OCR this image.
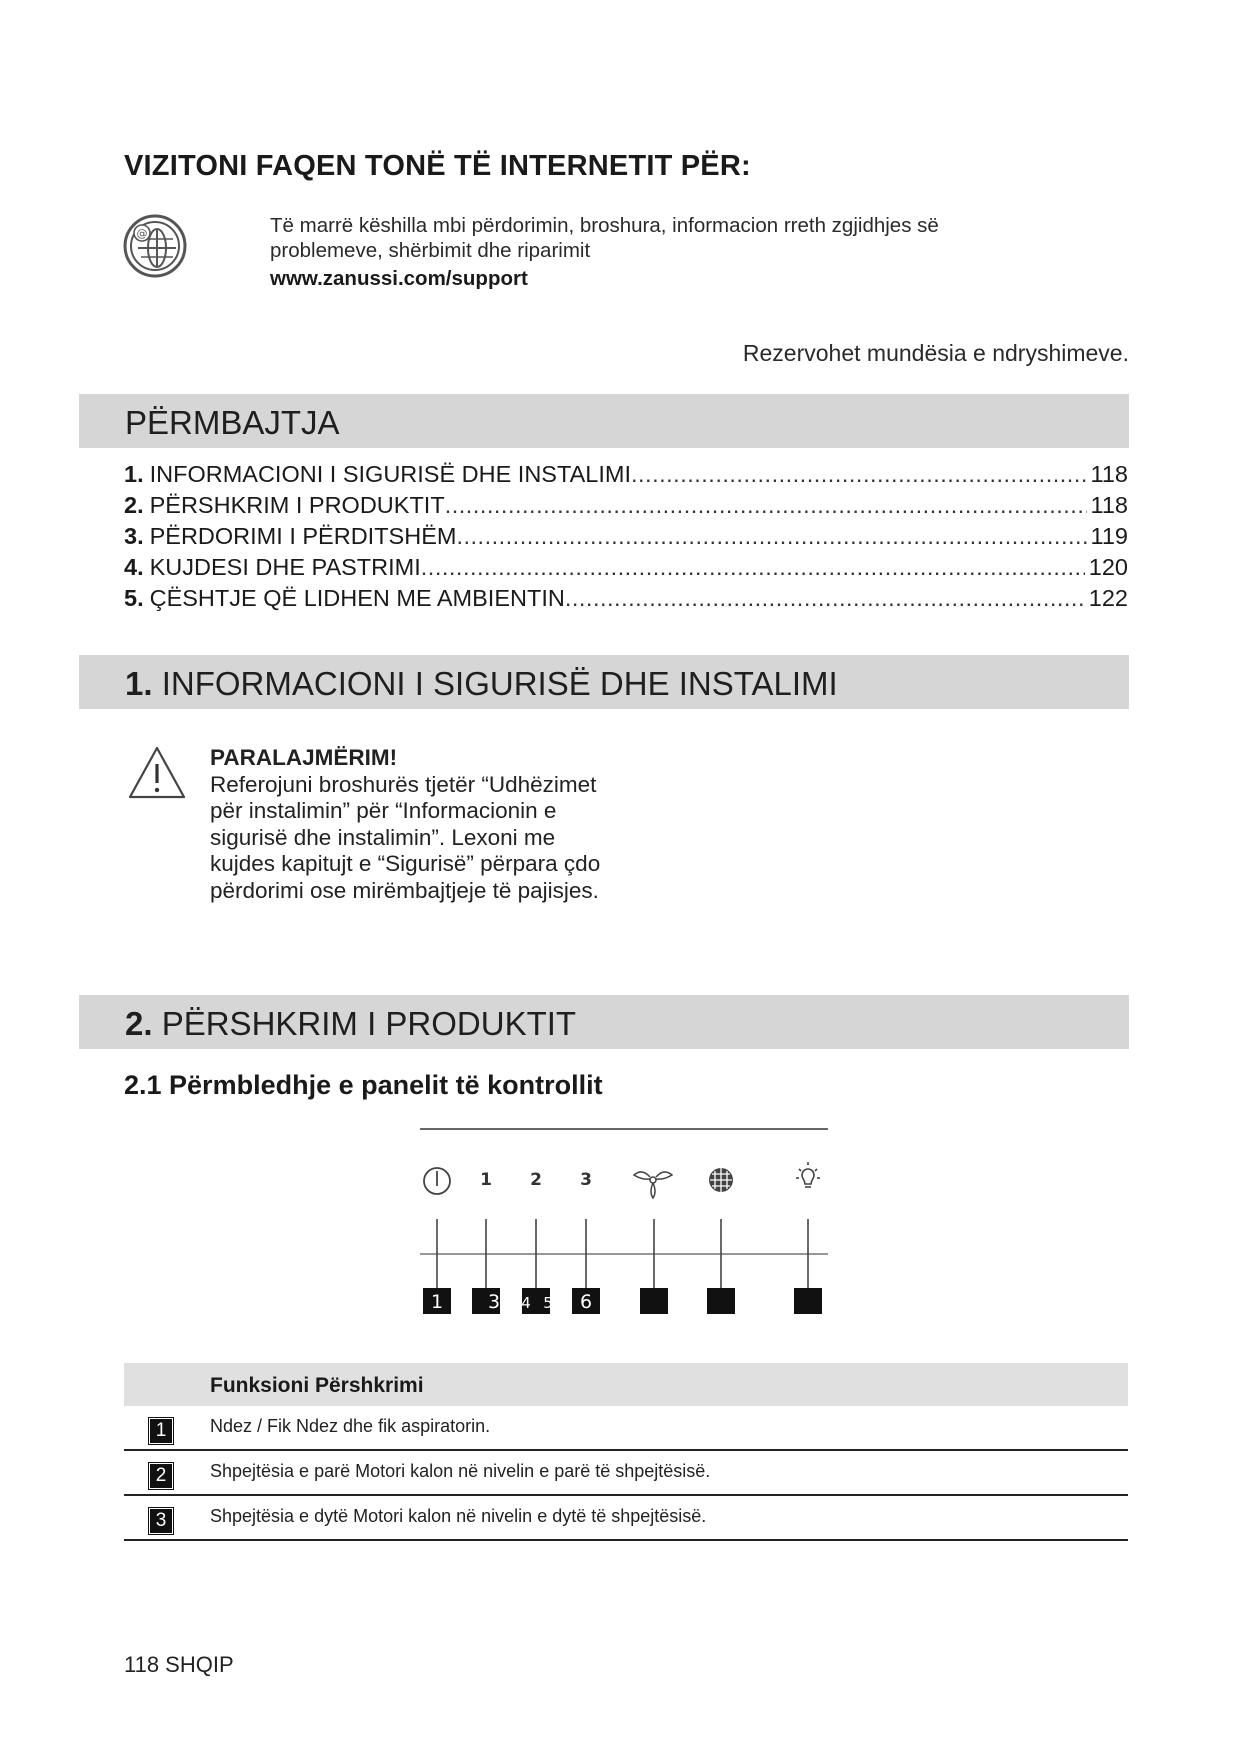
VIZITONI FAQEN TONË TË INTERNETIT PËR:
@	Të marrë këshilla mbi përdorimin, broshura, informacion rreth zgjidhjes së problemeve, shërbimit dhe riparimit
www.zanussi.com/support
Rezervohet mundësia e ndryshimeve.
PËRMBAJTJA
1. INFORMACIONI I SIGURISË DHE INSTALIMI .....	118
2. PËRSHKRIM I PRODUKTIT .....	118
3. PËRDORIMI I PËRDITSHËM .....	119
4. KUJDESI DHE PASTRIMI .....	120
5. ÇËSHTJE QË LIDHEN ME AMBIENTIN .....	122
1. INFORMACIONI I SIGURISË DHE INSTALIMI
PARALAJMËRIM!
Referojuni broshurës tjetër “Udhëzimet për instalimin” për “Informacionin e sigurisë dhe instalimin”. Lexoni me kujdes kapitujt e “Sigurisë” përpara çdo përdorimi ose mirëmbajtjeje të pajisjes.
2. PËRSHKRIM I PRODUKTIT
2.1 Përmbledhje e panelit të kontrollit
1 2 3
1 3 4 5 6
Funksioni Përshkrimi
1	Ndez / Fik Ndez dhe fik aspiratorin.
2	Shpejtësia e parë Motori kalon në nivelin e parë të shpejtësisë.
3	Shpejtësia e dytë Motori kalon në nivelin e dytë të shpejtësisë.
118 SHQIP
